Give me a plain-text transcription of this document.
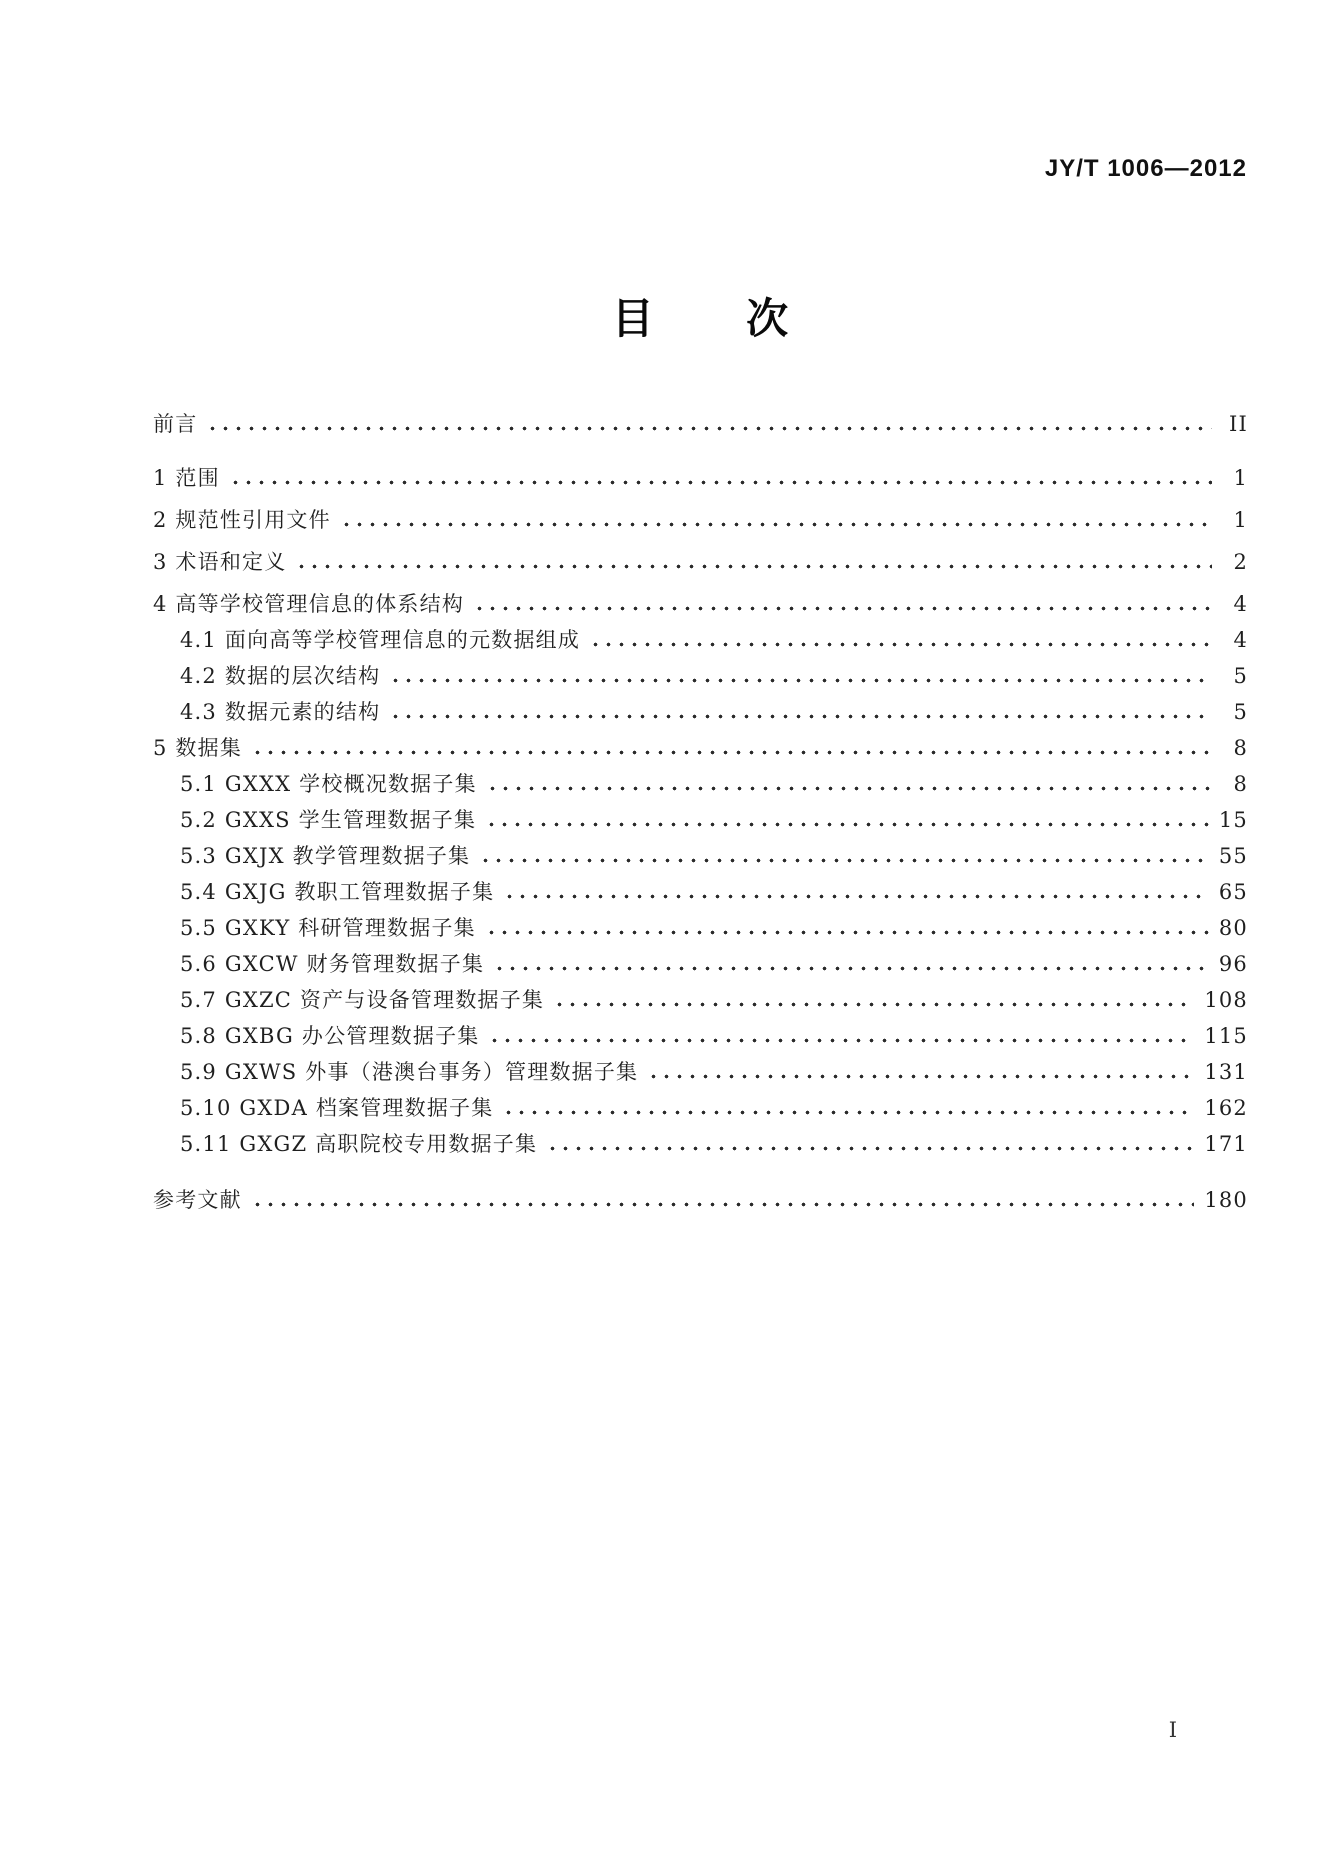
JY/T 1006—2012
目次
前言	II
1 范围	1
2 规范性引用文件	1
3 术语和定义	2
4 高等学校管理信息的体系结构	4
4.1 面向高等学校管理信息的元数据组成	4
4.2 数据的层次结构	5
4.3 数据元素的结构	5
5 数据集	8
5.1 GXXX 学校概况数据子集	8
5.2 GXXS 学生管理数据子集	15
5.3 GXJX 教学管理数据子集	55
5.4 GXJG 教职工管理数据子集	65
5.5 GXKY 科研管理数据子集	80
5.6 GXCW 财务管理数据子集	96
5.7 GXZC 资产与设备管理数据子集	108
5.8 GXBG 办公管理数据子集	115
5.9 GXWS 外事（港澳台事务）管理数据子集	131
5.10 GXDA 档案管理数据子集	162
5.11 GXGZ 高职院校专用数据子集	171
参考文献	180
I
